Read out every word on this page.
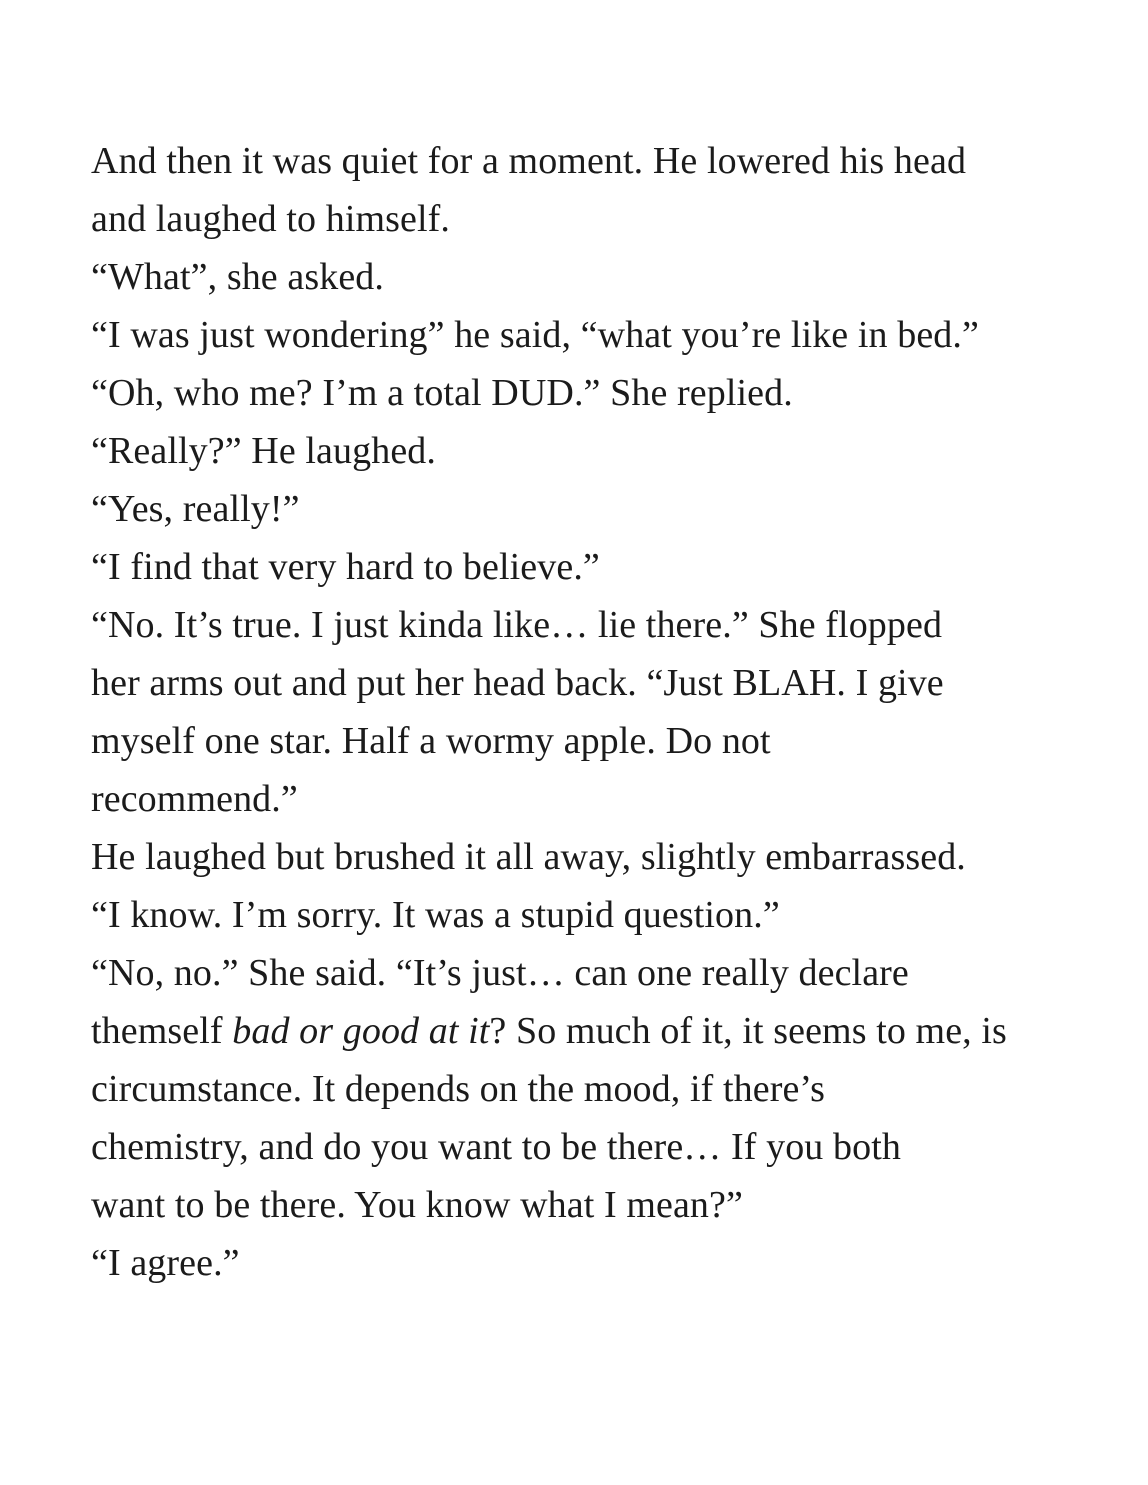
And then it was quiet for a moment. He lowered his head
and laughed to himself.
“What”, she asked.
“I was just wondering” he said, “what you’re like in bed.”
“Oh, who me? I’m a total DUD.” She replied.
“Really?” He laughed.
“Yes, really!”
“I find that very hard to believe.”
“No. It’s true. I just kinda like… lie there.” She flopped
her arms out and put her head back. “Just BLAH. I give
myself one star. Half a wormy apple. Do not
recommend.”
He laughed but brushed it all away, slightly embarrassed.
“I know. I’m sorry. It was a stupid question.”
“No, no.” She said. “It’s just… can one really declare
themself bad or good at it? So much of it, it seems to me, is
circumstance. It depends on the mood, if there’s
chemistry, and do you want to be there… If you both
want to be there. You know what I mean?”
“I agree.”
